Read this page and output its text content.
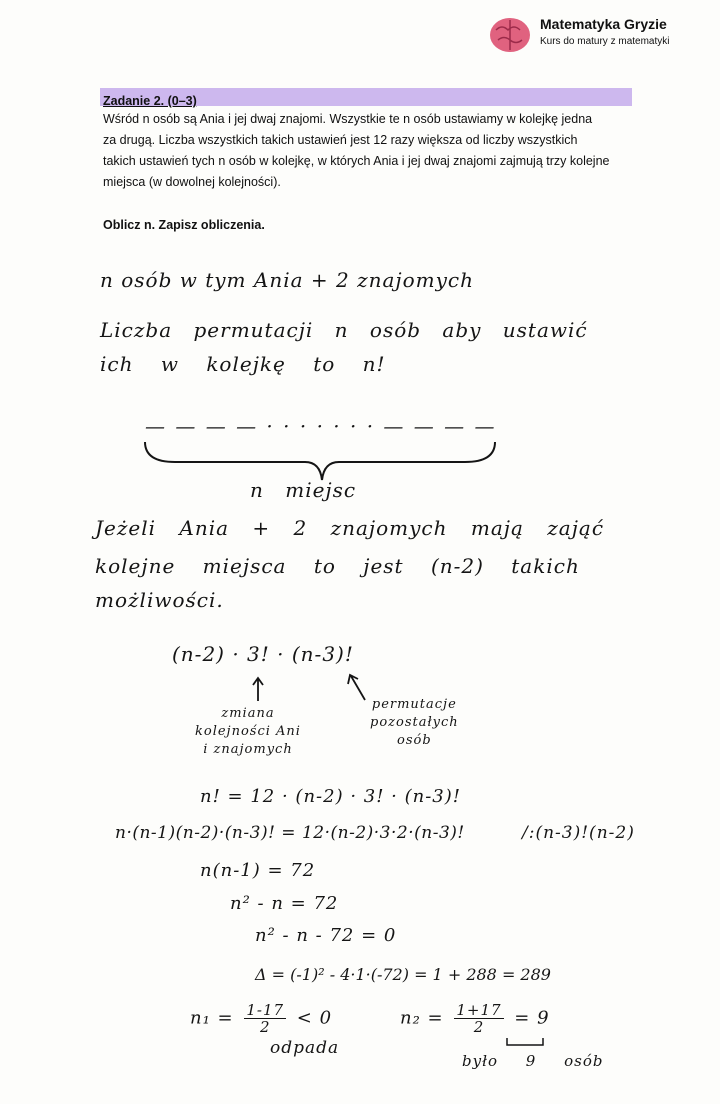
Matematyka Gryzie
Kurs do matury z matematyki
Zadanie 2. (0–3)
Wśród n osób są Ania i jej dwaj znajomi. Wszystkie te n osób ustawiamy w kolejkę jedna
za drugą. Liczba wszystkich takich ustawień jest 12 razy większa od liczby wszystkich
takich ustawień tych n osób w kolejkę, w których Ania i jej dwaj znajomi zajmują trzy kolejne
miejsca (w dowolnej kolejności).
Oblicz n. Zapisz obliczenia.
n osób w tym Ania + 2 znajomych
Liczba permutacji n osób aby ustawić
ich w kolejkę to n!
— — — — · · · · · · · — — — —
n miejsc
Jeżeli Ania + 2 znajomych mają zająć
kolejne miejsca to jest (n-2) takich
możliwości.
(n-2) · 3! · (n-3)!
zmiana
kolejności Ani
i znajomych
permutacje
pozostałych
osób
n! = 12 · (n-2) · 3! · (n-3)!
n·(n-1)(n-2)·(n-3)! = 12·(n-2)·3·2·(n-3)!	/:(n-3)!(n-2)
n(n-1) = 72
n² - n = 72
n² - n - 72 = 0
Δ = (-1)² - 4·1·(-72) = 1 + 288 = 289
$n_1 = \frac{1-17}{2} < 0$
odpada
$n_2 = \frac{1+17}{2} = 9$
było 9 osób
